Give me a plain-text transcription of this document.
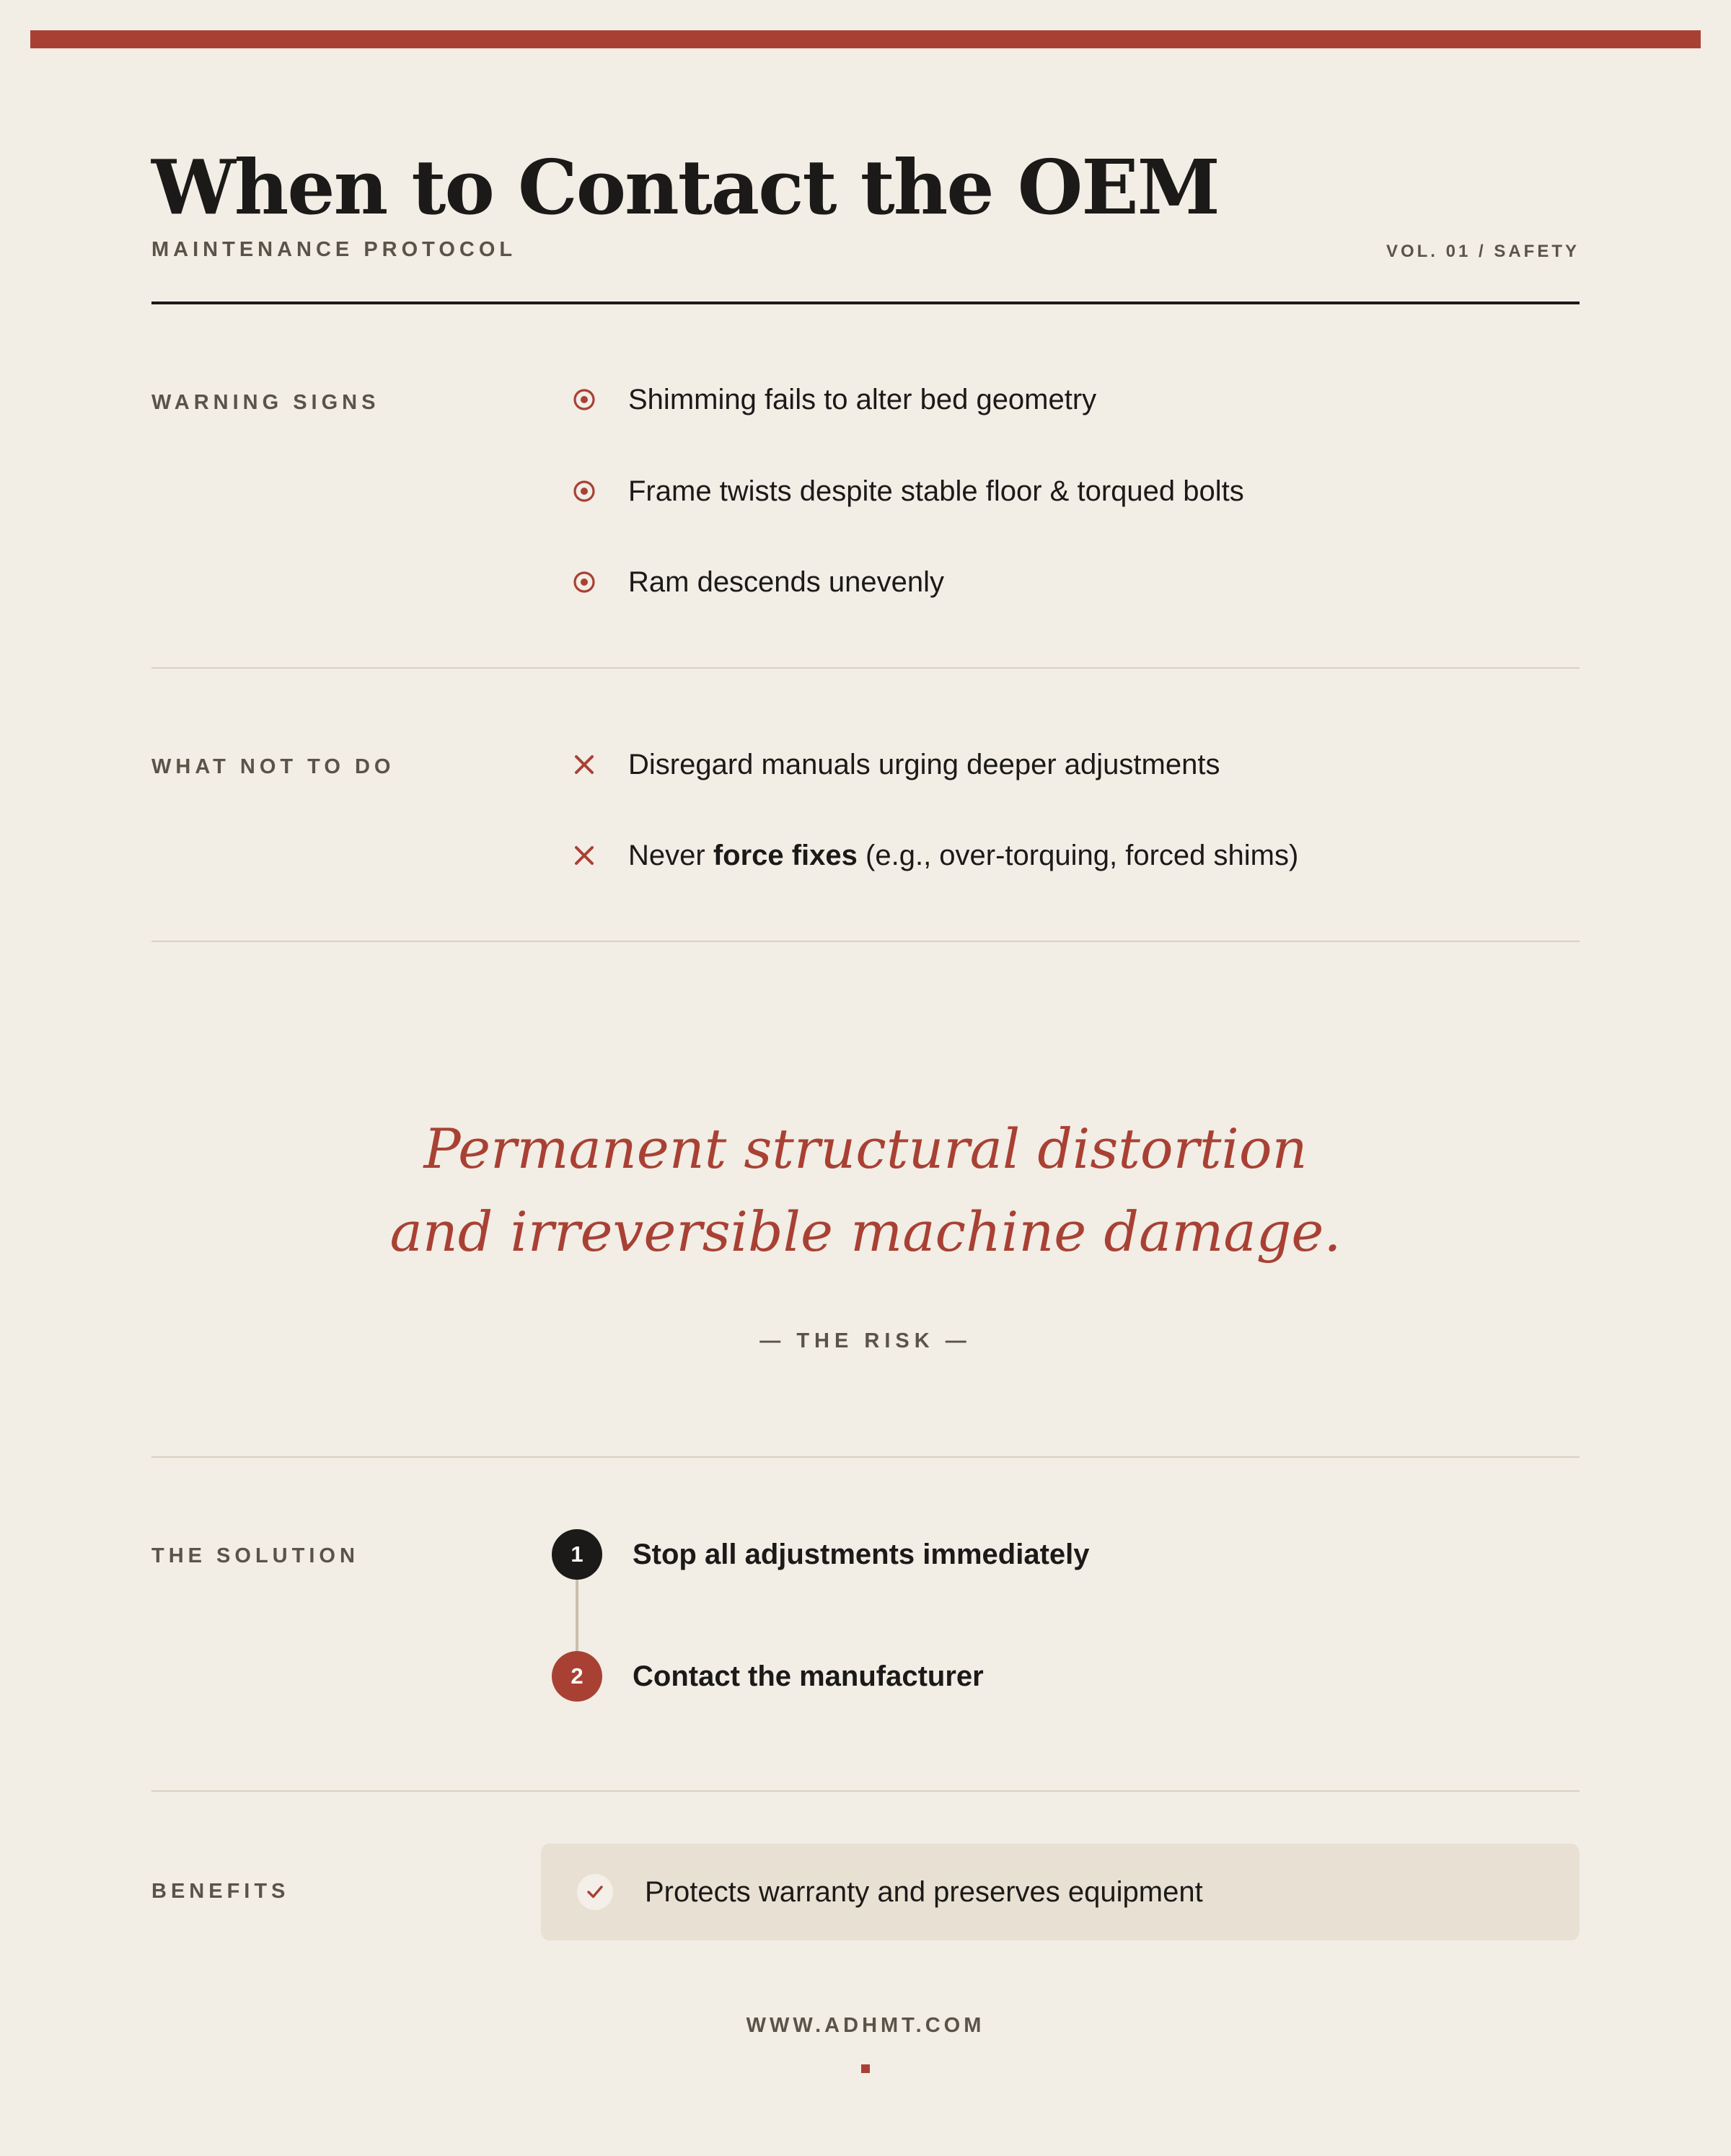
When to Contact the OEM
MAINTENANCE PROTOCOL	VOL. 01 / SAFETY
WARNING SIGNS	Shimming fails to alter bed geometry
Frame twists despite stable floor & torqued bolts
Ram descends unevenly
WHAT NOT TO DO	Disregard manuals urging deeper adjustments
Never force fixes (e.g., over-torquing, forced shims)
Permanent structural distortion
and irreversible machine damage.
— THE RISK —
THE SOLUTION	1	Stop all adjustments immediately
2	Contact the manufacturer
BENEFITS	Protects warranty and preserves equipment
WWW.ADHMT.COM
